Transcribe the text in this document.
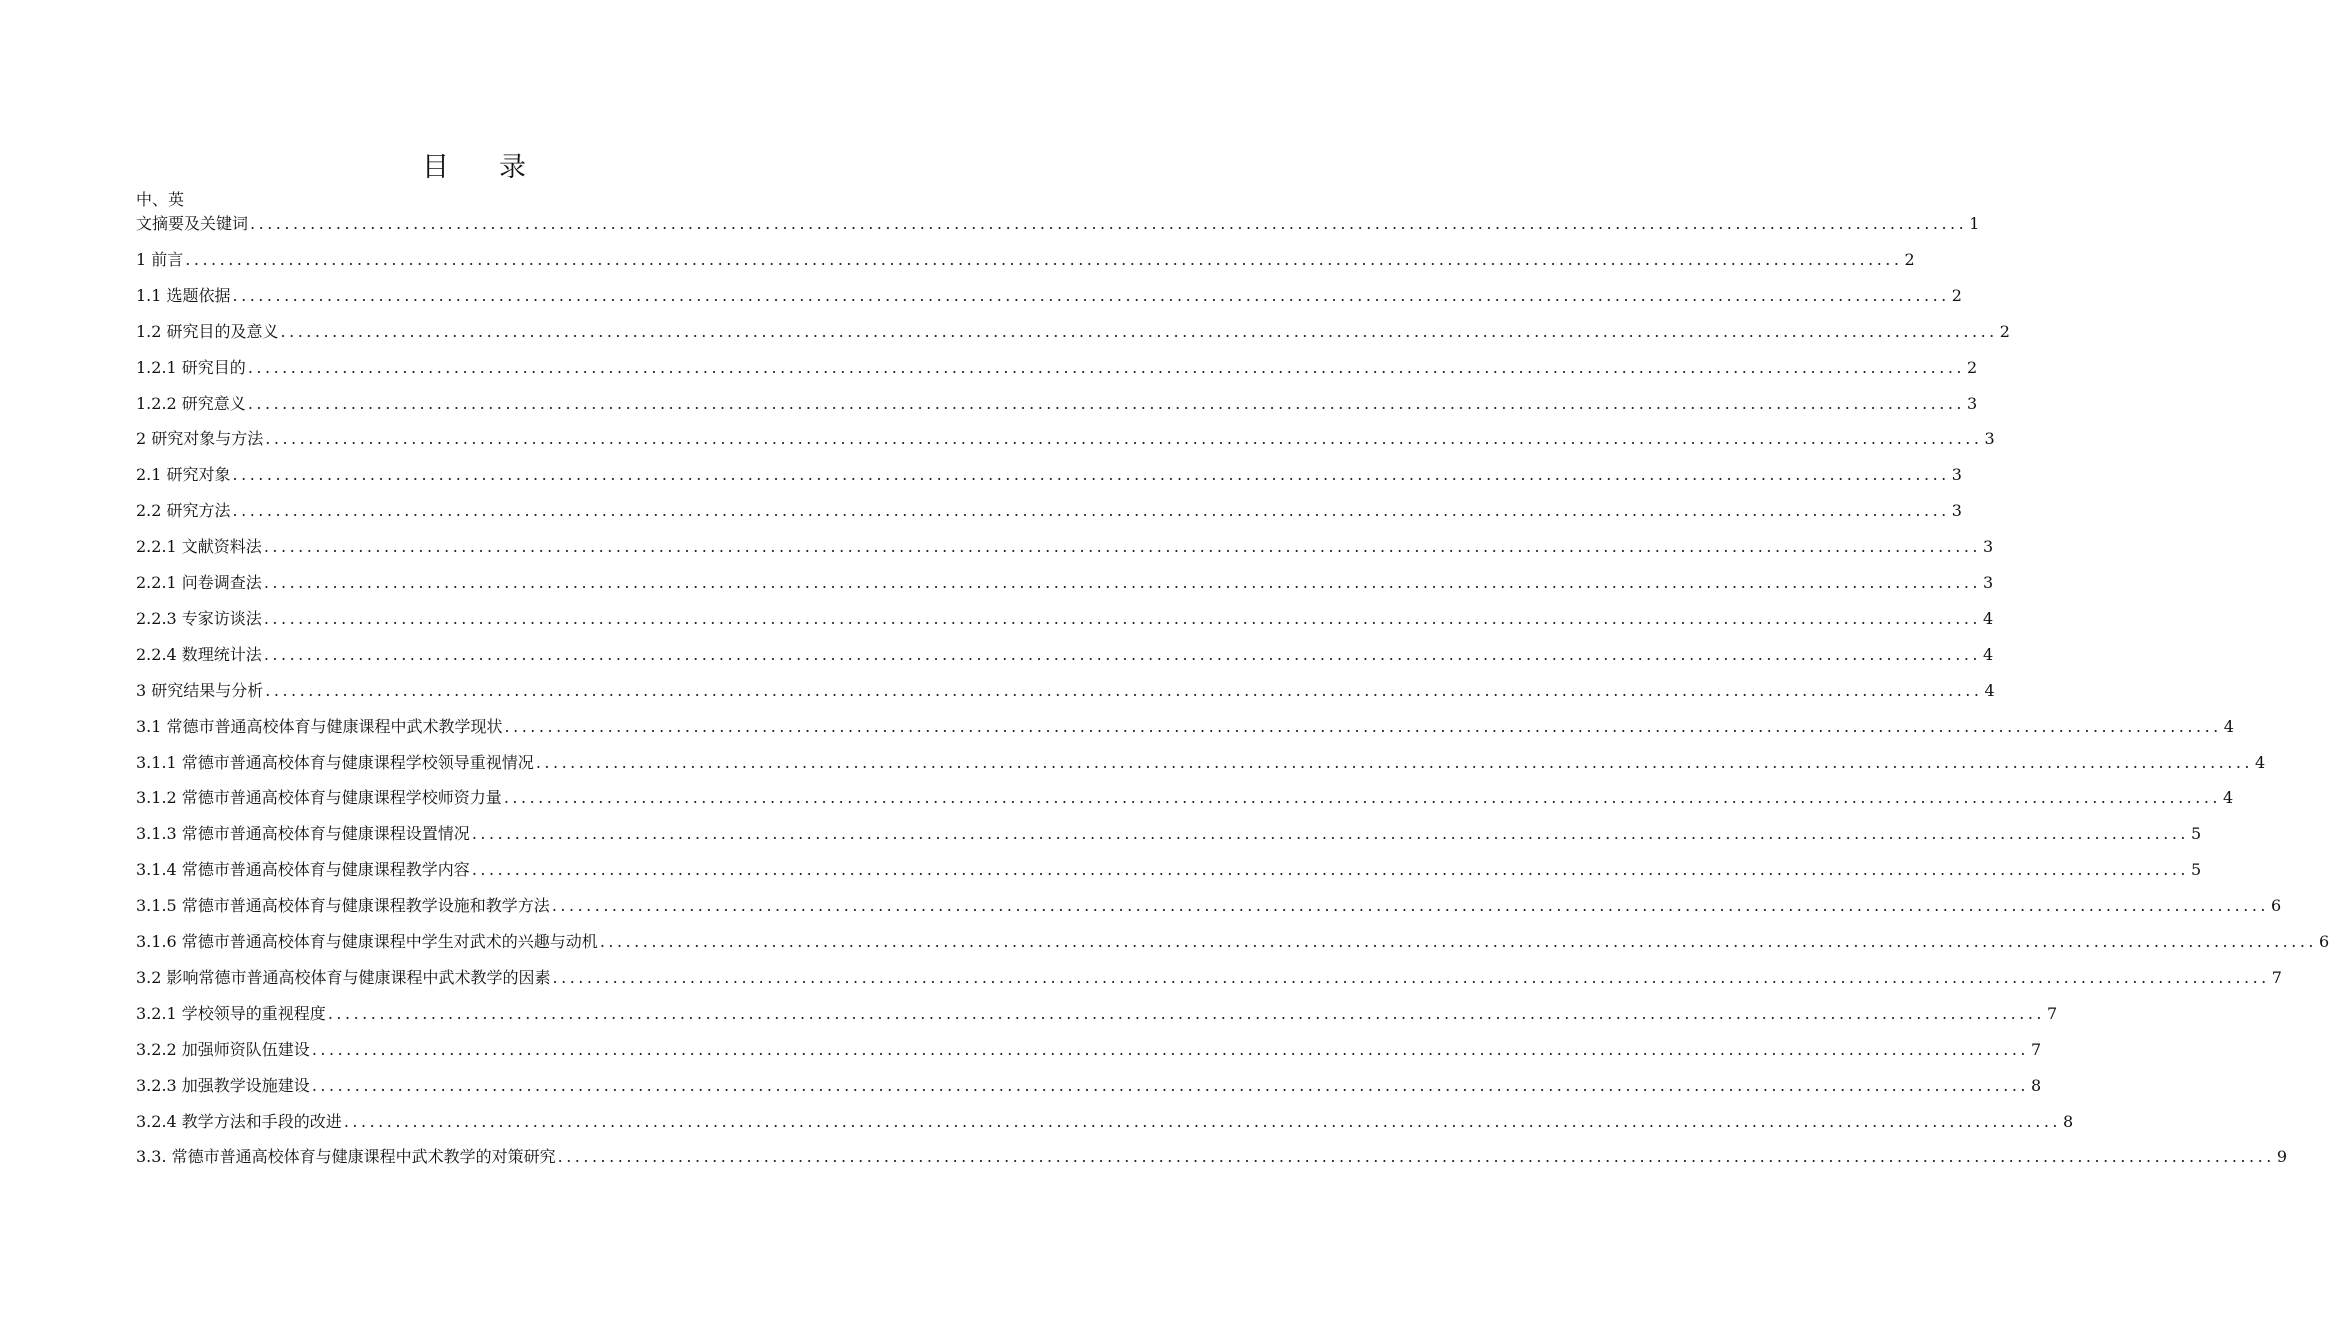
目 录
中、英
文摘要及关键词 ........................................................................................................................................................................................................ 1
1 前言 ........................................................................................................................................................................................................ 2
1.1 选题依据 ........................................................................................................................................................................................................ 2
1.2 研究目的及意义 ........................................................................................................................................................................................................ 2
1.2.1 研究目的 ........................................................................................................................................................................................................ 2
1.2.2 研究意义 ........................................................................................................................................................................................................ 3
2 研究对象与方法 ........................................................................................................................................................................................................ 3
2.1 研究对象 ........................................................................................................................................................................................................ 3
2.2 研究方法 ........................................................................................................................................................................................................ 3
2.2.1 文献资料法 ........................................................................................................................................................................................................ 3
2.2.1 问卷调查法 ........................................................................................................................................................................................................ 3
2.2.3 专家访谈法 ........................................................................................................................................................................................................ 4
2.2.4 数理统计法 ........................................................................................................................................................................................................ 4
3 研究结果与分析 ........................................................................................................................................................................................................ 4
3.1 常德市普通高校体育与健康课程中武术教学现状 ........................................................................................................................................................................................................ 4
3.1.1 常德市普通高校体育与健康课程学校领导重视情况 ........................................................................................................................................................................................................ 4
3.1.2 常德市普通高校体育与健康课程学校师资力量 ........................................................................................................................................................................................................ 4
3.1.3 常德市普通高校体育与健康课程设置情况 ........................................................................................................................................................................................................ 5
3.1.4 常德市普通高校体育与健康课程教学内容 ........................................................................................................................................................................................................ 5
3.1.5 常德市普通高校体育与健康课程教学设施和教学方法 ........................................................................................................................................................................................................ 6
3.1.6 常德市普通高校体育与健康课程中学生对武术的兴趣与动机 ........................................................................................................................................................................................................ 6
3.2 影响常德市普通高校体育与健康课程中武术教学的因素 ........................................................................................................................................................................................................ 7
3.2.1 学校领导的重视程度 ........................................................................................................................................................................................................ 7
3.2.2 加强师资队伍建设 ........................................................................................................................................................................................................ 7
3.2.3 加强教学设施建设 ........................................................................................................................................................................................................ 8
3.2.4 教学方法和手段的改进 ........................................................................................................................................................................................................ 8
3.3. 常德市普通高校体育与健康课程中武术教学的对策研究 ........................................................................................................................................................................................................ 9
